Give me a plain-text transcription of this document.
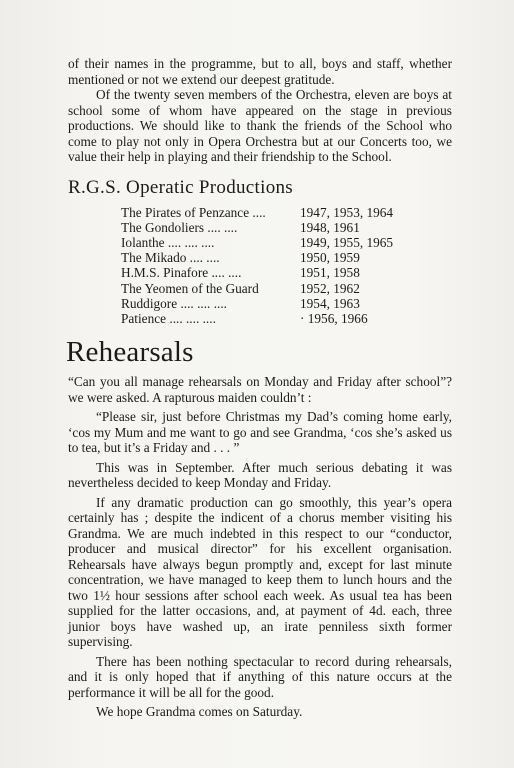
of their names in the programme, but to all, boys and staff, whether mentioned or not we extend our deepest gratitude.

Of the twenty seven members of the Orchestra, eleven are boys at school some of whom have appeared on the stage in previous productions. We should like to thank the friends of the School who come to play not only in Opera Orchestra but at our Concerts too, we value their help in playing and their friendship to the School.

R.G.S. Operatic Productions
The Pirates of Penzance ....	1947, 1953, 1964
The Gondoliers .... ....	1948, 1961
Iolanthe .... .... ....	1949, 1955, 1965
The Mikado .... ....	1950, 1959
H.M.S. Pinafore .... ....	1951, 1958
The Yeomen of the Guard	1952, 1962
Ruddigore .... .... ....	1954, 1963
Patience .... .... ....	· 1956, 1966
Rehearsals

“Can you all manage rehearsals on Monday and Friday after school”? we were asked. A rapturous maiden couldn’t :

“Please sir, just before Christmas my Dad’s coming home early, ‘cos my Mum and me want to go and see Grandma, ‘cos she’s asked us to tea, but it’s a Friday and . . . ”

This was in September. After much serious debating it was nevertheless decided to keep Monday and Friday.

If any dramatic production can go smoothly, this year’s opera certainly has ; despite the indicent of a chorus member visiting his Grandma. We are much indebted in this respect to our “conductor, producer and musical director” for his excellent organisation. Rehearsals have always begun promptly and, except for last minute concentration, we have managed to keep them to lunch hours and the two 1½ hour sessions after school each week. As usual tea has been supplied for the latter occasions, and, at payment of 4d. each, three junior boys have washed up, an irate penniless sixth former supervising.

There has been nothing spectacular to record during rehearsals, and it is only hoped that if anything of this nature occurs at the performance it will be all for the good.

We hope Grandma comes on Saturday.
